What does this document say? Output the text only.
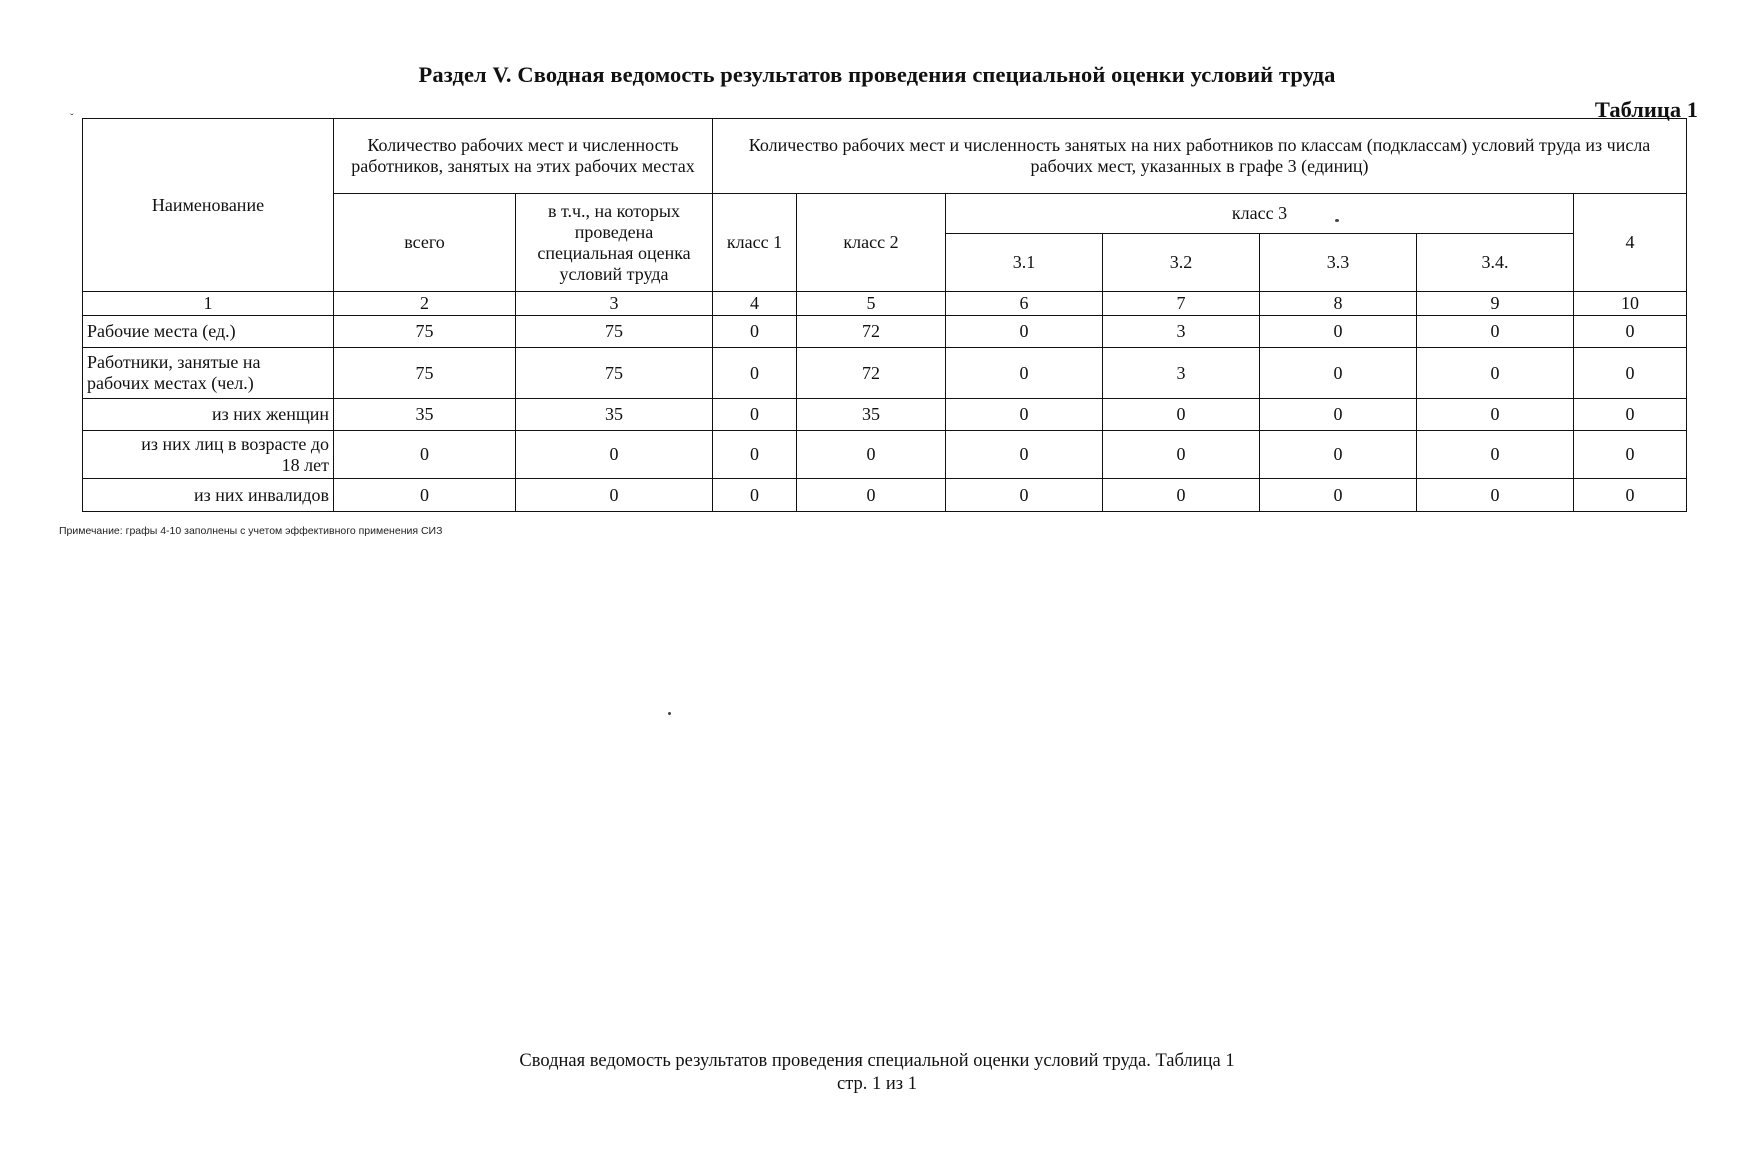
Раздел V. Сводная ведомость результатов проведения специальной оценки условий труда
Таблица 1
ˇ
Наименование	Количество рабочих мест и численность работников, занятых на этих рабочих местах		Количество рабочих мест и численность занятых на них работников по классам (подклассам) условий труда из числа рабочих мест, указанных в графе 3 (единиц)						
	всего	в т.ч., на которых проведена специальная оценка условий труда	класс 1	класс 2	класс 3				4
					3.1	3.2	3.3	3.4.	
1	2	3	4	5	6	7	8	9	10
Рабочие места (ед.)	75	75	0	72	0	3	0	0	0
Работники, занятые на рабочих местах (чел.)	75	75	0	72	0	3	0	0	0
из них женщин	35	35	0	35	0	0	0	0	0
из них лиц в возрасте до 18 лет	0	0	0	0	0	0	0	0	0
из них инвалидов	0	0	0	0	0	0	0	0	0
Примечание: графы 4-10 заполнены с учетом эффективного применения СИЗ
Сводная ведомость результатов проведения специальной оценки условий труда. Таблица 1
стр. 1 из 1
